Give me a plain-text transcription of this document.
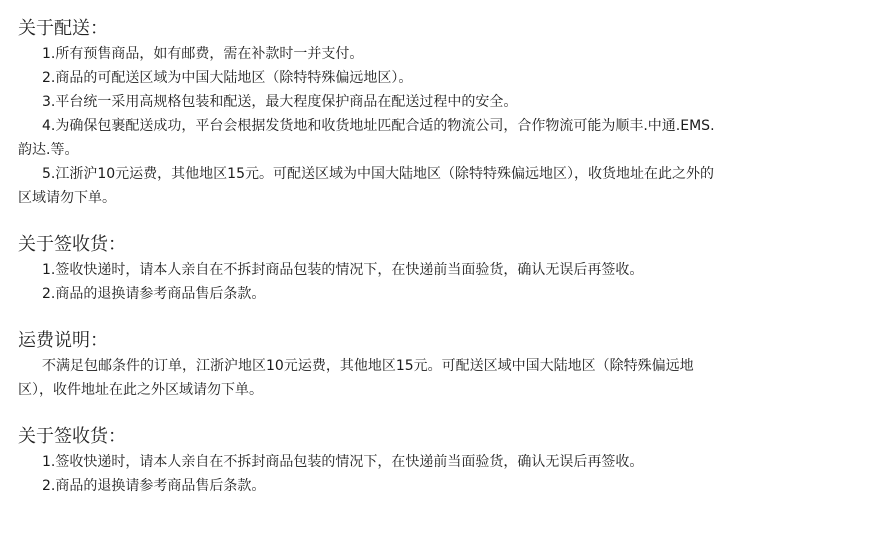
关于配送：

1.所有预售商品，如有邮费，需在补款时一并支付。

2.商品的可配送区域为中国大陆地区（除特特殊偏远地区）。

3.平台统一采用高规格包装和配送，最大程度保护商品在配送过程中的安全。

4.为确保包裹配送成功，平台会根据发货地和收货地址匹配合适的物流公司，合作物流可能为顺丰.中通.EMS.

韵达.等。

5.江浙沪10元运费，其他地区15元。可配送区域为中国大陆地区（除特特殊偏远地区），收货地址在此之外的

区域请勿下单。

关于签收货：

1.签收快递时，请本人亲自在不拆封商品包装的情况下，在快递前当面验货，确认无误后再签收。

2.商品的退换请参考商品售后条款。

运费说明：

不满足包邮条件的订单，江浙沪地区10元运费，其他地区15元。可配送区域中国大陆地区（除特殊偏远地

区），收件地址在此之外区域请勿下单。

关于签收货：

1.签收快递时，请本人亲自在不拆封商品包装的情况下，在快递前当面验货，确认无误后再签收。

2.商品的退换请参考商品售后条款。
